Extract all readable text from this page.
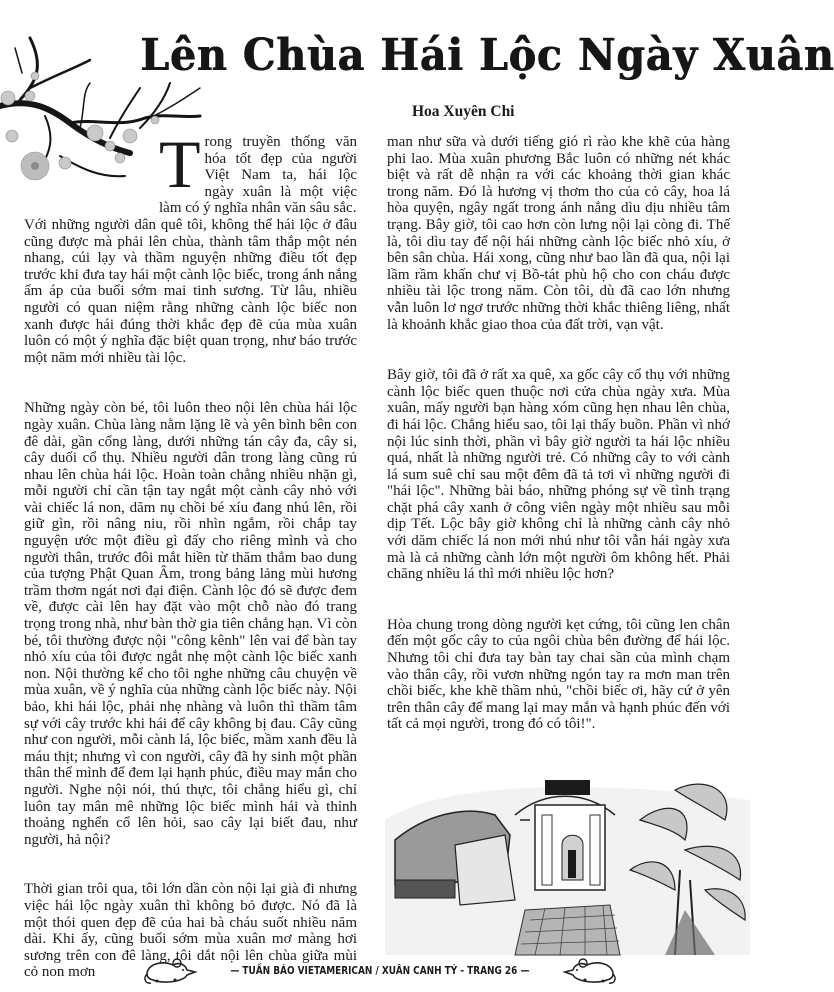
Lên Chùa Hái Lộc Ngày Xuân
Hoa Xuyên Chi
T rong truyền thống văn hóa tốt đẹp của người Việt Nam ta, hái lộc ngày xuân là một việc làm có ý nghĩa nhân văn sâu sắc.

Với những người dân quê tôi, không thể hái lộc ở đâu cũng được mà phải lên chùa, thành tâm thắp một nén nhang, cúi lạy và thầm nguyện những điều tốt đẹp trước khi đưa tay hái một cành lộc biếc, trong ánh nắng ấm áp của buổi sớm mai tinh sương. Từ lâu, nhiều người có quan niệm rằng những cành lộc biếc non xanh được hái đúng thời khắc đẹp đẽ của mùa xuân luôn có một ý nghĩa đặc biệt quan trọng, như báo trước một năm mới nhiều tài lộc.

Những ngày còn bé, tôi luôn theo nội lên chùa hái lộc ngày xuân. Chùa làng nằm lặng lẽ và yên bình bên con đê dài, gần cổng làng, dưới những tán cây đa, cây si, cây duối cổ thụ. Nhiều người dân trong làng cũng rủ nhau lên chùa hái lộc. Hoàn toàn chẳng nhiều nhặn gì, mỗi người chỉ cần tận tay ngắt một cành cây nhỏ với vài chiếc lá non, dăm nụ chồi bé xíu đang nhú lên, rồi giữ gìn, rồi nâng niu, rồi nhìn ngắm, rồi chắp tay nguyện ước một điều gì đấy cho riêng mình và cho người thân, trước đôi mắt hiền từ thăm thẳm bao dung của tượng Phật Quan Âm, trong bảng lảng mùi hương trầm thơm ngát nơi đại điện. Cành lộc đó sẽ được đem về, được cài lên hay đặt vào một chỗ nào đó trang trọng trong nhà, như bàn thờ gia tiên chẳng hạn. Vì còn bé, tôi thường được nội "công kênh" lên vai để bàn tay nhỏ xíu của tôi được ngắt nhẹ một cành lộc biếc xanh non. Nội thường kể cho tôi nghe những câu chuyện về mùa xuân, về ý nghĩa của những cành lộc biếc này. Nội bảo, khi hái lộc, phải nhẹ nhàng và luôn thì thầm tâm sự với cây trước khi hái để cây không bị đau. Cây cũng như con người, mỗi cành lá, lộc biếc, mầm xanh đều là máu thịt; nhưng vì con người, cây đã hy sinh một phần thân thể mình để đem lại hạnh phúc, điều may mắn cho người. Nghe nội nói, thú thực, tôi chẳng hiểu gì, chỉ luôn tay mân mê những lộc biếc mình hái và thỉnh thoảng nghển cổ lên hỏi, sao cây lại biết đau, như người, hả nội?

Thời gian trôi qua, tôi lớn dần còn nội lại già đi nhưng việc hái lộc ngày xuân thì không bỏ được. Nó đã là một thói quen đẹp đẽ của hai bà cháu suốt nhiều năm dài. Khi ấy, cũng buổi sớm mùa xuân mơ màng hơi sương trên con đê làng, tôi dắt nội lên chùa giữa mùi cỏ non mơn

man như sữa và dưới tiếng gió rì rào khe khẽ của hàng phi lao. Mùa xuân phương Bắc luôn có những nét khác biệt và rất dễ nhận ra với các khoảng thời gian khác trong năm. Đó là hương vị thơm tho của cỏ cây, hoa lá hòa quyện, ngây ngất trong ánh nắng dìu dịu nhiều tâm trạng. Bây giờ, tôi cao hơn còn lưng nội lại còng đi. Thế là, tôi dìu tay để nội hái những cành lộc biếc nhỏ xíu, ở bên sân chùa. Hái xong, cũng như bao lần đã qua, nội lại lầm rầm khấn chư vị Bồ-tát phù hộ cho con cháu được nhiều tài lộc trong năm. Còn tôi, dù đã cao lớn nhưng vẫn luôn lơ ngơ trước những thời khắc thiêng liêng, nhất là khoảnh khắc giao thoa của đất trời, vạn vật.

Bây giờ, tôi đã ở rất xa quê, xa gốc cây cổ thụ với những cành lộc biếc quen thuộc nơi cửa chùa ngày xưa. Mùa xuân, mấy người bạn hàng xóm cũng hẹn nhau lên chùa, đi hái lộc. Chẳng hiểu sao, tôi lại thấy buồn. Phần vì nhớ nội lúc sinh thời, phần vì bây giờ người ta hái lộc nhiều quá, nhất là những người trẻ. Có những cây to với cành lá sum suê chỉ sau một đêm đã tả tơi vì những người đi "hái lộc". Những bài báo, những phóng sự về tình trạng chặt phá cây xanh ở công viên ngày một nhiều sau mỗi dịp Tết. Lộc bây giờ không chỉ là những cành cây nhỏ với dăm chiếc lá non mới nhú như tôi vẫn hái ngày xưa mà là cả những cành lớn một người ôm không hết. Phải chăng nhiều lá thì mới nhiều lộc hơn?

Hòa chung trong dòng người kẹt cứng, tôi cũng len chân đến một gốc cây to của ngôi chùa bên đường để hái lộc. Nhưng tôi chỉ đưa tay bàn tay chai sần của mình chạm vào thân cây, rồi vươn những ngón tay ra mơn man trên chồi biếc, khe khẽ thầm nhủ, "chồi biếc ơi, hãy cứ ở yên trên thân cây để mang lại may mắn và hạnh phúc đến với tất cả mọi người, trong đó có tôi!".

— TUẦN BÁO VIETAMERICAN / XUÂN CANH TÝ - TRANG 26 —
